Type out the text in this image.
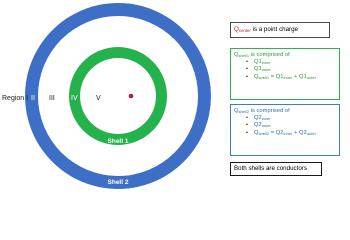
Region I II III IV	V
Shell 1
Shell 2
$Q_{center}$ is a point charge
$Q_{shell1}$ is comprised of
• $Q1_{inner}$
• $Q1_{outer}$
• $Q_{shell1} = Q1_{inner} + Q1_{outer}$
$Q_{shell2}$ is comprised of
• $Q2_{inner}$
• $Q2_{outer}$
• $Q_{shell2} = Q2_{inner} + Q2_{outer}$
Both shells are conductors
